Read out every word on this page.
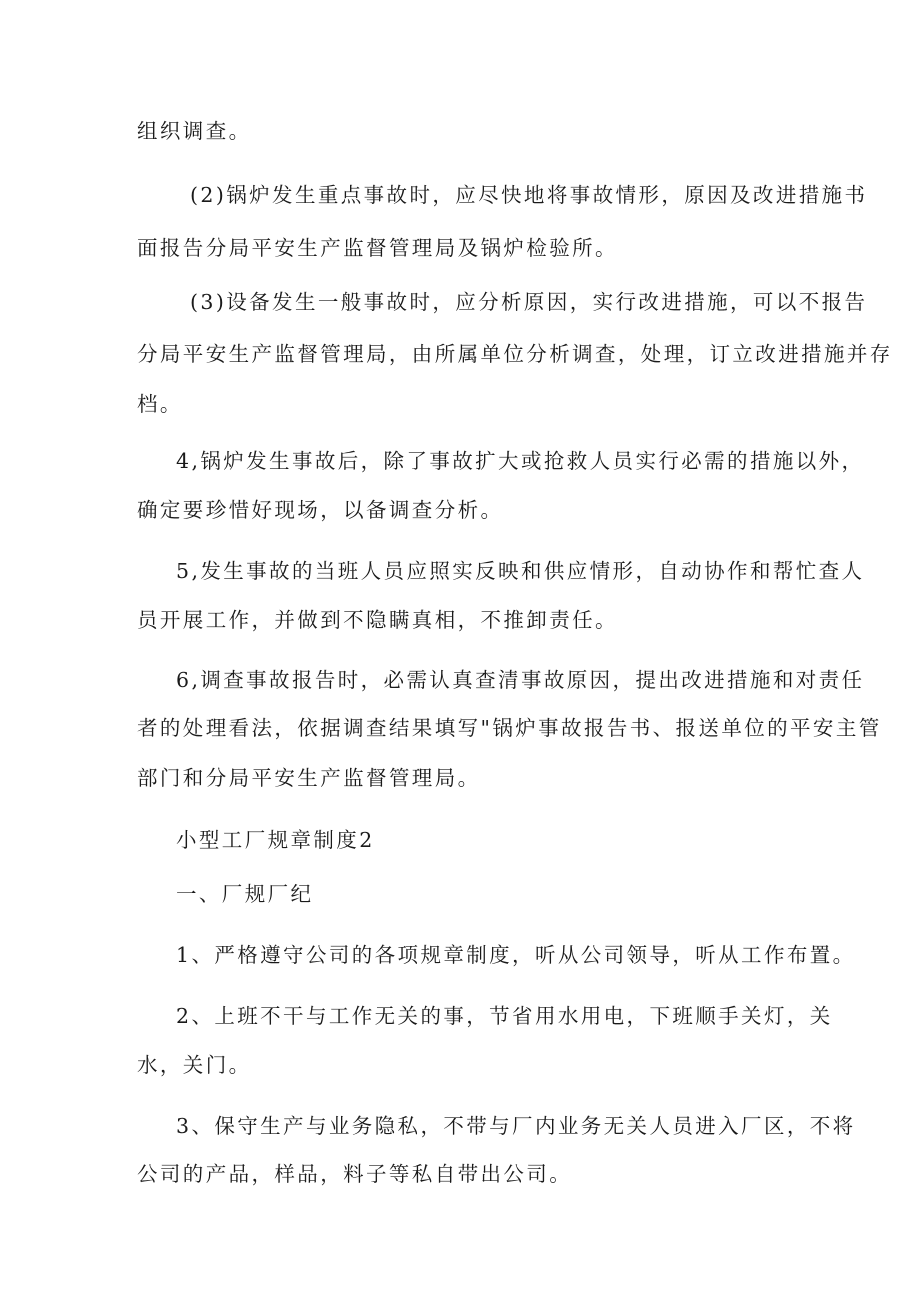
组织调查。
(2)锅炉发生重点事故时，应尽快地将事故情形，原因及改进措施书
面报告分局平安生产监督管理局及锅炉检验所。
(3)设备发生一般事故时，应分析原因，实行改进措施，可以不报告
分局平安生产监督管理局，由所属单位分析调查，处理，订立改进措施并存
档。
4,锅炉发生事故后，除了事故扩大或抢救人员实行必需的措施以外，
确定要珍惜好现场，以备调查分析。
5,发生事故的当班人员应照实反映和供应情形，自动协作和帮忙查人
员开展工作，并做到不隐瞒真相，不推卸责任。
6,调查事故报告时，必需认真查清事故原因，提出改进措施和对责任
者的处理看法，依据调查结果填写"锅炉事故报告书、报送单位的平安主管
部门和分局平安生产监督管理局。
小型工厂规章制度2
一、厂规厂纪
1、严格遵守公司的各项规章制度，听从公司领导，听从工作布置。
2、上班不干与工作无关的事，节省用水用电，下班顺手关灯，关
水，关门。
3、保守生产与业务隐私，不带与厂内业务无关人员进入厂区，不将
公司的产品，样品，料子等私自带出公司。
